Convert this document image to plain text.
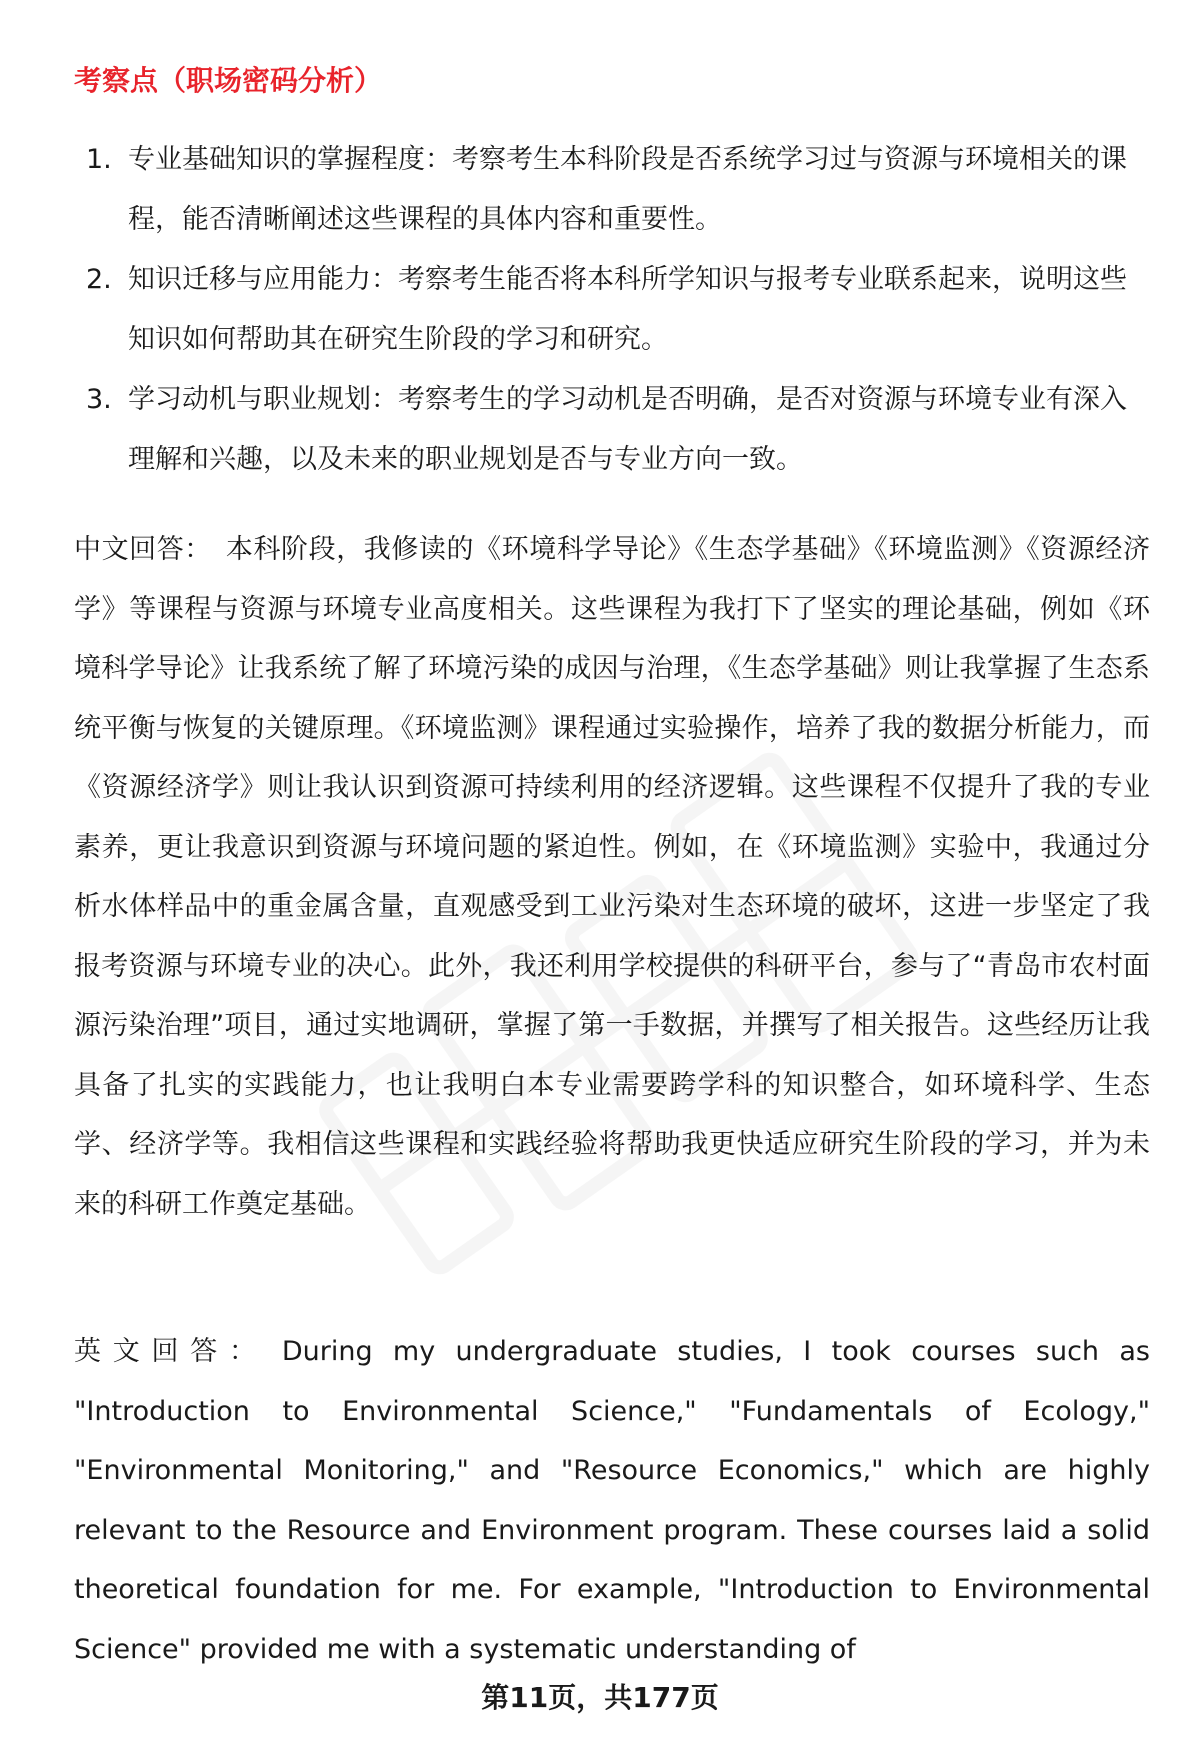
考察点（职场密码分析）
1. 专业基础知识的掌握程度：考察考生本科阶段是否系统学习过与资源与环境相关的课程，能否清晰阐述这些课程的具体内容和重要性。
2. 知识迁移与应用能力：考察考生能否将本科所学知识与报考专业联系起来，说明这些知识如何帮助其在研究生阶段的学习和研究。
3. 学习动机与职业规划：考察考生的学习动机是否明确，是否对资源与环境专业有深入理解和兴趣，以及未来的职业规划是否与专业方向一致。

中文回答： 本科阶段，我修读的《环境科学导论》《生态学基础》《环境监测》《资源经济学》等课程与资源与环境专业高度相关。这些课程为我打下了坚实的理论基础，例如《环境科学导论》让我系统了解了环境污染的成因与治理，《生态学基础》则让我掌握了生态系统平衡与恢复的关键原理。《环境监测》课程通过实验操作，培养了我的数据分析能力，而《资源经济学》则让我认识到资源可持续利用的经济逻辑。这些课程不仅提升了我的专业素养，更让我意识到资源与环境问题的紧迫性。例如，在《环境监测》实验中，我通过分析水体样品中的重金属含量，直观感受到工业污染对生态环境的破坏，这进一步坚定了我报考资源与环境专业的决心。此外，我还利用学校提供的科研平台，参与了“青岛市农村面源污染治理”项目，通过实地调研，掌握了第一手数据，并撰写了相关报告。这些经历让我具备了扎实的实践能力，也让我明白本专业需要跨学科的知识整合，如环境科学、生态学、经济学等。我相信这些课程和实践经验将帮助我更快适应研究生阶段的学习，并为未来的科研工作奠定基础。

英文回答： During my undergraduate studies, I took courses such as "Introduction to Environmental Science," "Fundamentals of Ecology," "Environmental Monitoring," and "Resource Economics," which are highly relevant to the Resource and Environment program. These courses laid a solid theoretical foundation for me. For example, "Introduction to Environmental Science" provided me with a systematic understanding of

第11页，共177页
